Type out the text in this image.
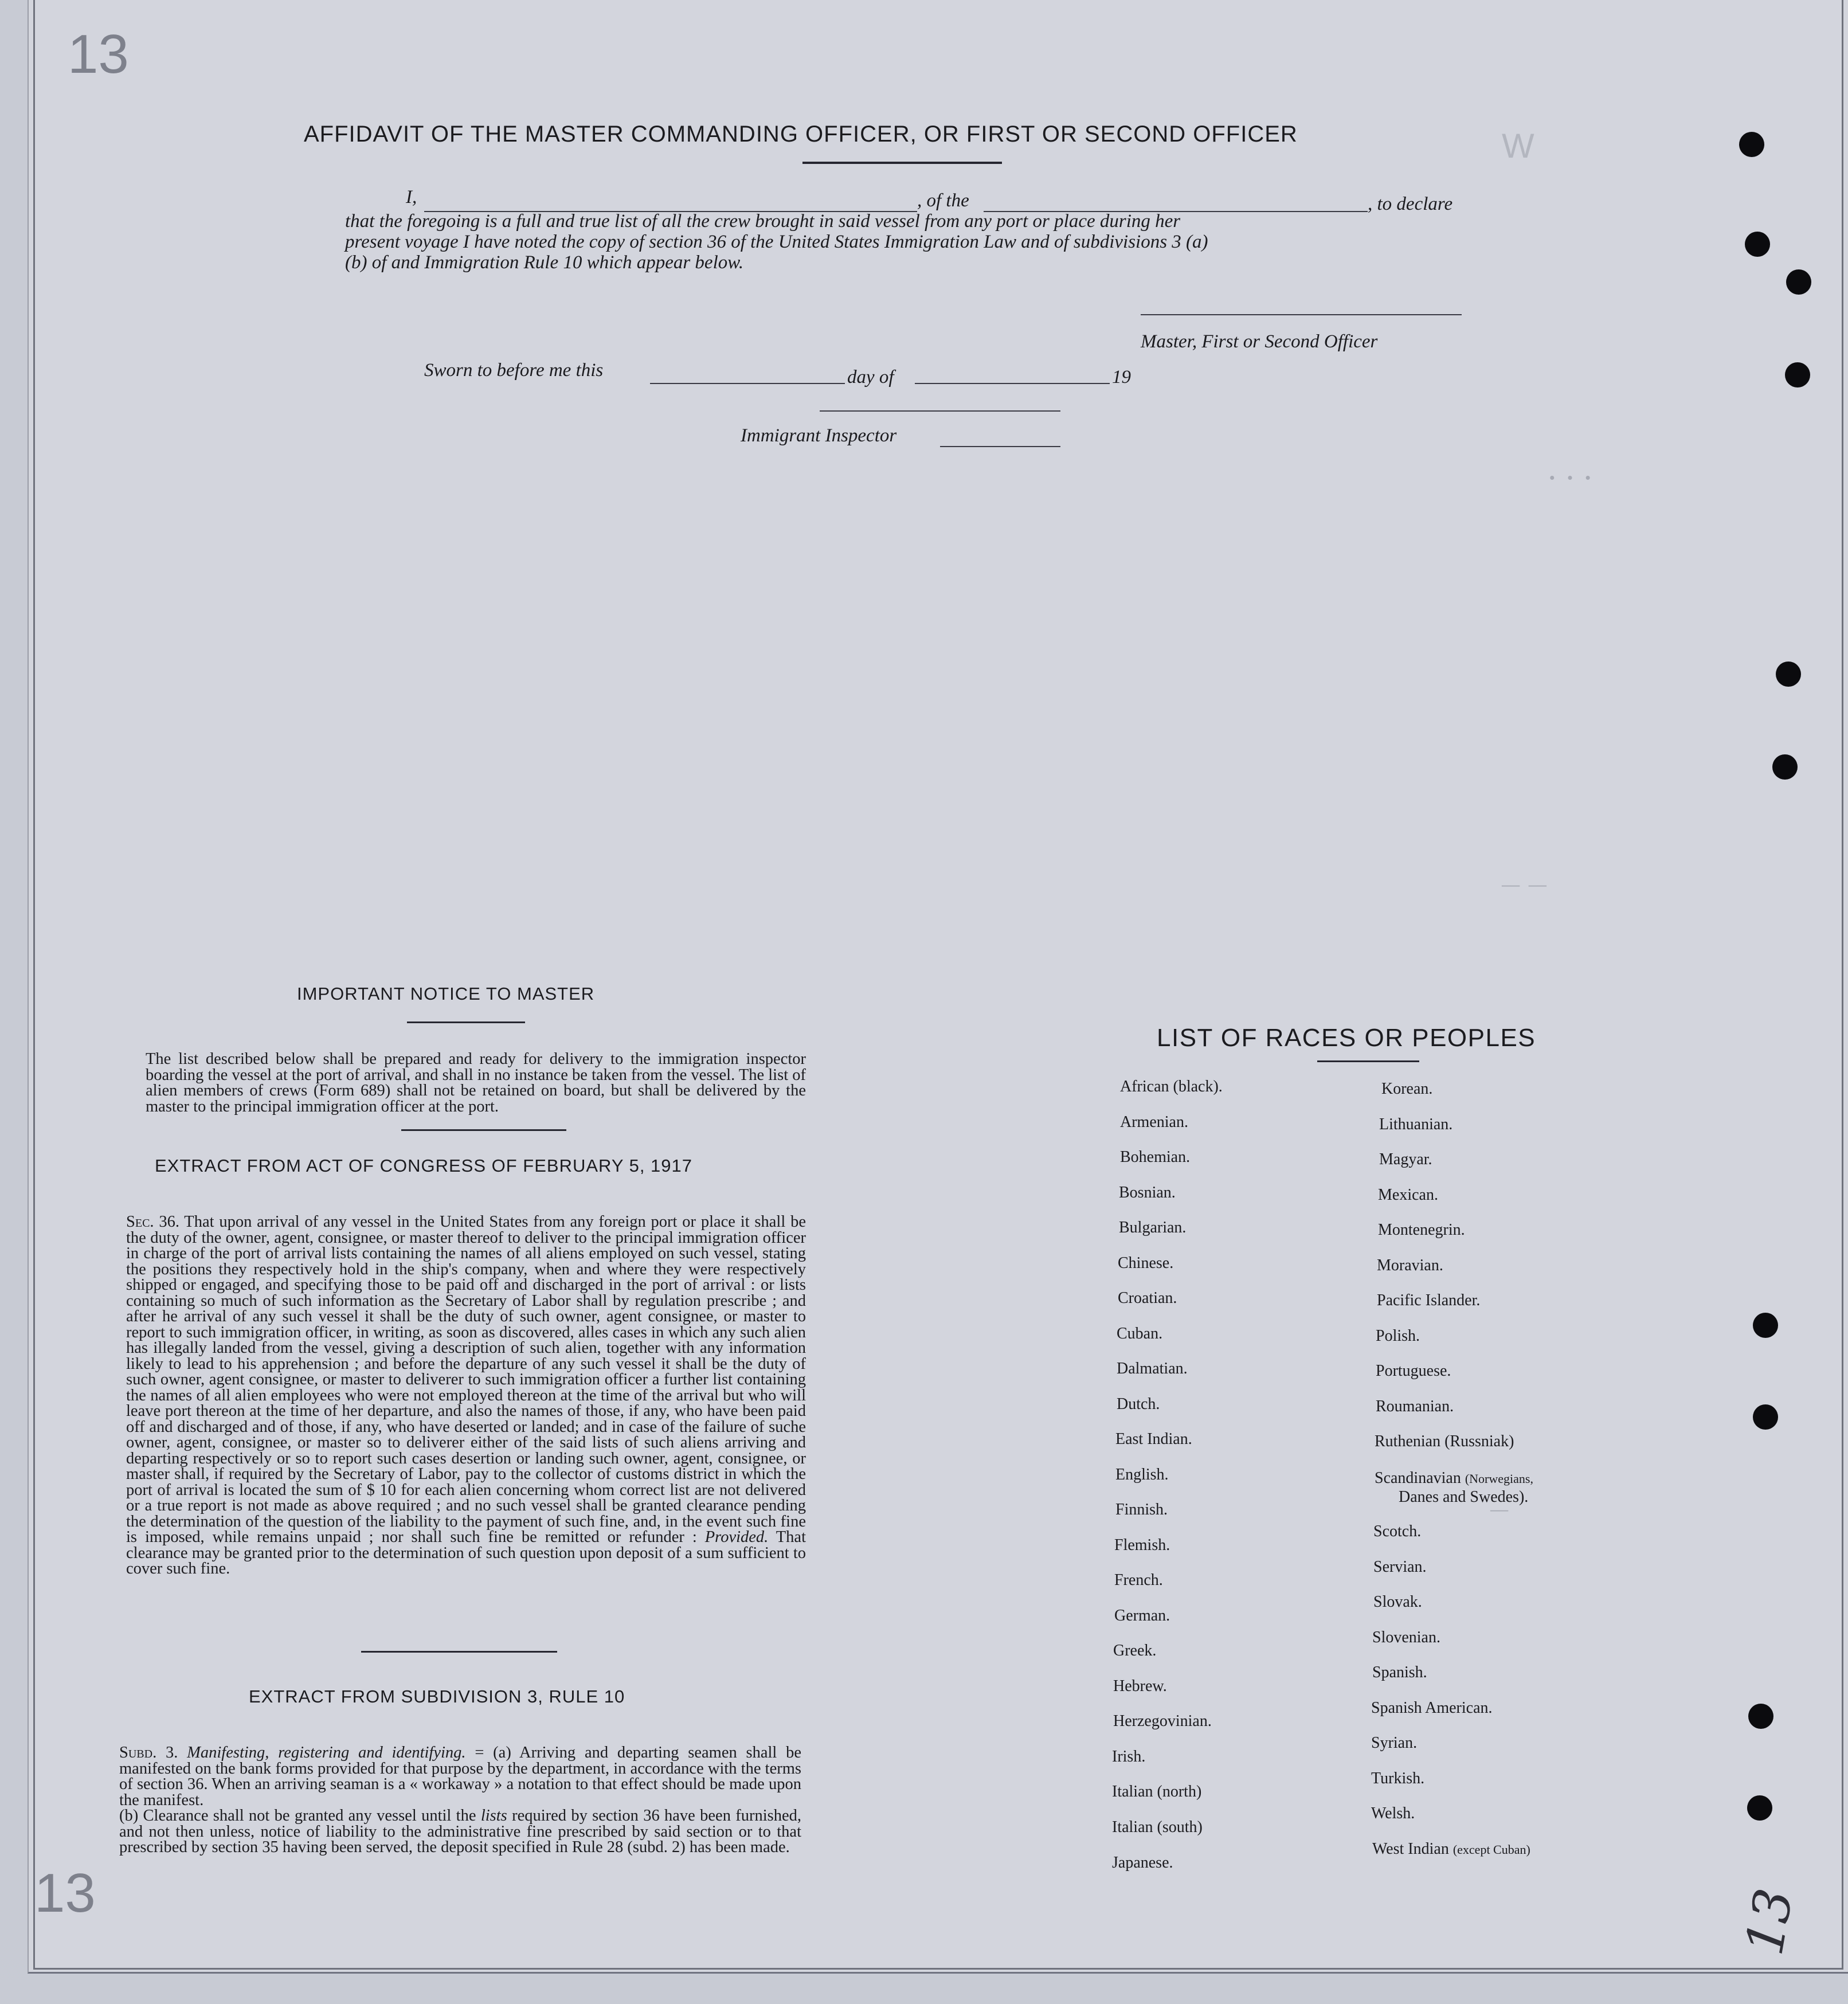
W
• • •
—— ——
——
13
13	13
AFFIDAVIT OF THE MASTER COMMANDING OFFICER, OR FIRST OR SECOND OFFICER
I,	, of the	, to declare
that the foregoing is a full and true list of all the crew brought in said vessel from any port or place during her
present voyage I have noted the copy of section 36 of the United States Immigration Law and of subdivisions 3 (a)
(b) of and Immigration Rule 10 which appear below.
Master, First or Second Officer
Sworn to before me this	day of	19
Immigrant Inspector
IMPORTANT NOTICE TO MASTER
The list described below shall be prepared and ready for delivery to the immigration inspector boarding the vessel at the port of arrival, and shall in no instance be taken from the vessel. The list of alien members of crews (Form 689) shall not be retained on board, but shall be delivered by the master to the principal immigration officer at the port.
EXTRACT FROM ACT OF CONGRESS OF FEBRUARY 5, 1917
Sec. 36. That upon arrival of any vessel in the United States from any foreign port or place it shall be the duty of the owner, agent, consignee, or master thereof to deliver to the principal immigration officer in charge of the port of arrival lists containing the names of all aliens employed on such vessel, stating the positions they respectively hold in the ship's company, when and where they were respectively shipped or engaged, and specifying those to be paid off and discharged in the port of arrival : or lists containing so much of such information as the Secretary of Labor shall by regulation prescribe ; and after he arrival of any such vessel it shall be the duty of such owner, agent consignee, or master to report to such immigration officer, in writing, as soon as discovered, alles cases in which any such alien has illegally landed from the vessel, giving a description of such alien, together with any information likely to lead to his apprehension ; and before the departure of any such vessel it shall be the duty of such owner, agent consignee, or master to deliverer to such immigration officer a further list containing the names of all alien employees who were not employed thereon at the time of the arrival but who will leave port thereon at the time of her departure, and also the names of those, if any, who have been paid off and discharged and of those, if any, who have deserted or landed; and in case of the failure of suche owner, agent, consignee, or master so to deliverer either of the said lists of such aliens arriving and departing respectively or so to report such cases desertion or landing such owner, agent, consignee, or master shall, if required by the Secretary of Labor, pay to the collector of customs district in which the port of arrival is located the sum of $ 10 for each alien concerning whom correct list are not delivered or a true report is not made as above required ; and no such vessel shall be granted clearance pending the determination of the question of the liability to the payment of such fine, and, in the event such fine is imposed, while remains unpaid ; nor shall such fine be remitted or refunder : Provided. That clearance may be granted prior to the determination of such question upon deposit of a sum sufficient to cover such fine.
EXTRACT FROM SUBDIVISION 3, RULE 10
Subd. 3. Manifesting, registering and identifying. = (a) Arriving and departing seamen shall be manifested on the bank forms provided for that purpose by the department, in accordance with the terms of section 36. When an arriving seaman is a « workaway » a notation to that effect should be made upon the manifest.
(b) Clearance shall not be granted any vessel until the lists required by section 36 have been furnished, and not then unless, notice of liability to the administrative fine prescribed by said section or to that prescribed by section 35 having been served, the deposit specified in Rule 28 (subd. 2) has been made.
LIST OF RACES OR PEOPLES
African (black).
Armenian.
Bohemian.
Bosnian.
Bulgarian.
Chinese.
Croatian.
Cuban.
Dalmatian.
Dutch.
East Indian.
English.
Finnish.
Flemish.
French.
German.
Greek.
Hebrew.
Herzegovinian.
Irish.
Italian (north)
Italian (south)
Japanese.
Korean.
Lithuanian.
Magyar.
Mexican.
Montenegrin.
Moravian.
Pacific Islander.
Polish.
Portuguese.
Roumanian.
Ruthenian (Russniak)
Scandinavian (Norwegians,
Danes and Swedes).
Scotch.
Servian.
Slovak.
Slovenian.
Spanish.
Spanish American.
Syrian.
Turkish.
Welsh.
West Indian (except Cuban)
